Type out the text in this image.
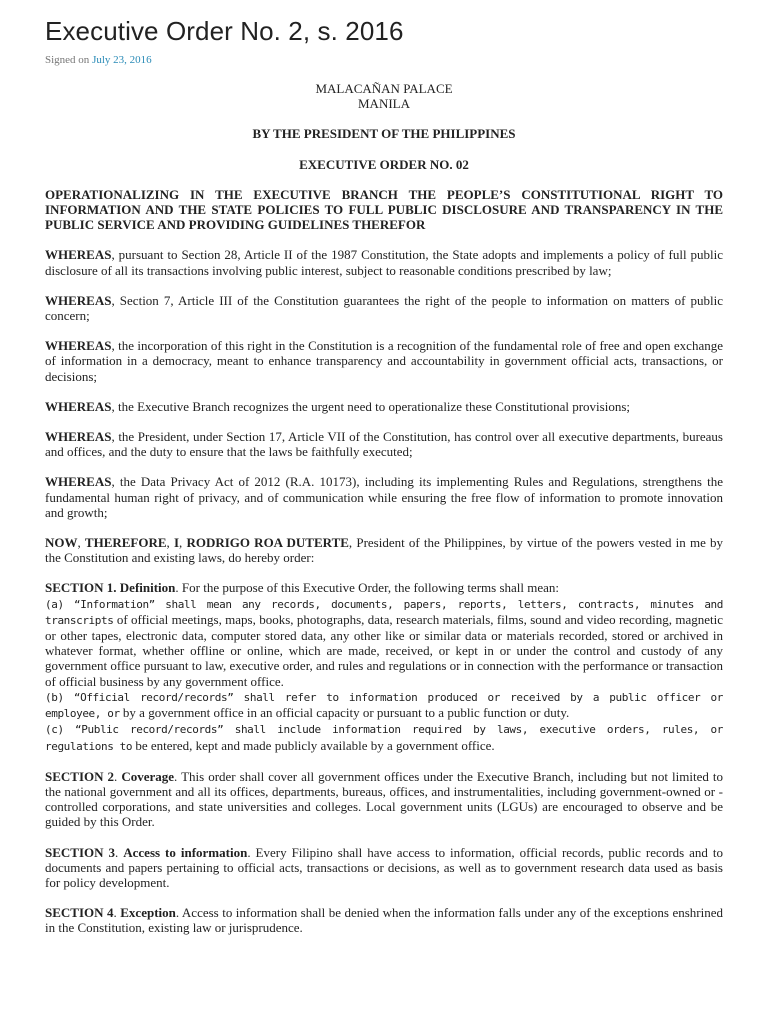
Executive Order No. 2, s. 2016
Signed on July 23, 2016
MALACAÑAN PALACE
MANILA
BY THE PRESIDENT OF THE PHILIPPINES
EXECUTIVE ORDER NO. 02
OPERATIONALIZING IN THE EXECUTIVE BRANCH THE PEOPLE’S CONSTITUTIONAL RIGHT TO INFORMATION AND THE STATE POLICIES TO FULL PUBLIC DISCLOSURE AND TRANSPARENCY IN THE PUBLIC SERVICE AND PROVIDING GUIDELINES THEREFOR

WHEREAS, pursuant to Section 28, Article II of the 1987 Constitution, the State adopts and implements a policy of full public disclosure of all its transactions involving public interest, subject to reasonable conditions prescribed by law;

WHEREAS, Section 7, Article III of the Constitution guarantees the right of the people to information on matters of public concern;

WHEREAS, the incorporation of this right in the Constitution is a recognition of the fundamental role of free and open exchange of information in a democracy, meant to enhance transparency and accountability in government official acts, transactions, or decisions;

WHEREAS, the Executive Branch recognizes the urgent need to operationalize these Constitutional provisions;

WHEREAS, the President, under Section 17, Article VII of the Constitution, has control over all executive departments, bureaus and offices, and the duty to ensure that the laws be faithfully executed;

WHEREAS, the Data Privacy Act of 2012 (R.A. 10173), including its implementing Rules and Regulations, strengthens the fundamental human right of privacy, and of communication while ensuring the free flow of information to promote innovation and growth;

NOW, THEREFORE, I, RODRIGO ROA DUTERTE, President of the Philippines, by virtue of the powers vested in me by the Constitution and existing laws, do hereby order:

SECTION 1. Definition. For the purpose of this Executive Order, the following terms shall mean:
(a) “Information” shall mean any records, documents, papers, reports, letters, contracts, minutes and transcripts of official meetings, maps, books, photographs, data, research materials, films, sound and video recording, magnetic or other tapes, electronic data, computer stored data, any other like or similar data or materials recorded, stored or archived in whatever format, whether offline or online, which are made, received, or kept in or under the control and custody of any government office pursuant to law, executive order, and rules and regulations or in connection with the performance or transaction of official business by any government office.
(b) “Official record/records” shall refer to information produced or received by a public officer or employee, or by a government office in an official capacity or pursuant to a public function or duty.
(c) “Public record/records” shall include information required by laws, executive orders, rules, or regulations to be entered, kept and made publicly available by a government office.

SECTION 2. Coverage. This order shall cover all government offices under the Executive Branch, including but not limited to the national government and all its offices, departments, bureaus, offices, and instrumentalities, including government-owned or -controlled corporations, and state universities and colleges. Local government units (LGUs) are encouraged to observe and be guided by this Order.

SECTION 3. Access to information. Every Filipino shall have access to information, official records, public records and to documents and papers pertaining to official acts, transactions or decisions, as well as to government research data used as basis for policy development.

SECTION 4. Exception. Access to information shall be denied when the information falls under any of the exceptions enshrined in the Constitution, existing law or jurisprudence.
